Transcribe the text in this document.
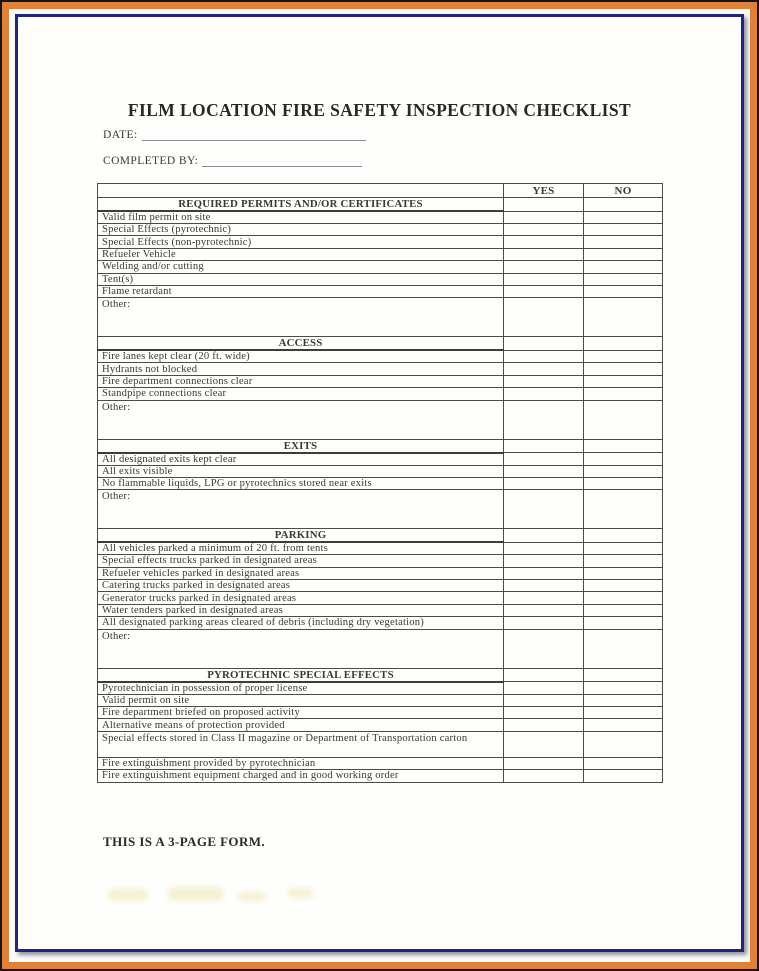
FILM LOCATION FIRE SAFETY INSPECTION CHECKLIST
DATE:
COMPLETED BY:
	YES	NO
REQUIRED PERMITS AND/OR CERTIFICATES		

Valid film permit on site		

Special Effects (pyrotechnic)		

Special Effects (non-pyrotechnic)		

Refueler Vehicle		

Welding and/or cutting		

Tent(s)		

Flame retardant		

Other:		

ACCESS		

Fire lanes kept clear (20 ft. wide)		

Hydrants not blocked		

Fire department connections clear		

Standpipe connections clear		

Other:		

EXITS		

All designated exits kept clear		

All exits visible		

No flammable liquids, LPG or pyrotechnics stored near exits		

Other:		

PARKING		

All vehicles parked a minimum of 20 ft. from tents		

Special effects trucks parked in designated areas		

Refueler vehicles parked in designated areas		

Catering trucks parked in designated areas		

Generator trucks parked in designated areas		

Water tenders parked in designated areas		

All designated parking areas cleared of debris (including dry vegetation)		

Other:		

PYROTECHNIC SPECIAL EFFECTS		

Pyrotechnician in possession of proper license		

Valid permit on site		

Fire department briefed on proposed activity		

Alternative means of protection provided		

Special effects stored in Class II magazine or Department of Transportation carton		

Fire extinguishment provided by pyrotechnician		

Fire extinguishment equipment charged and in good working order		

THIS IS A 3-PAGE FORM.
